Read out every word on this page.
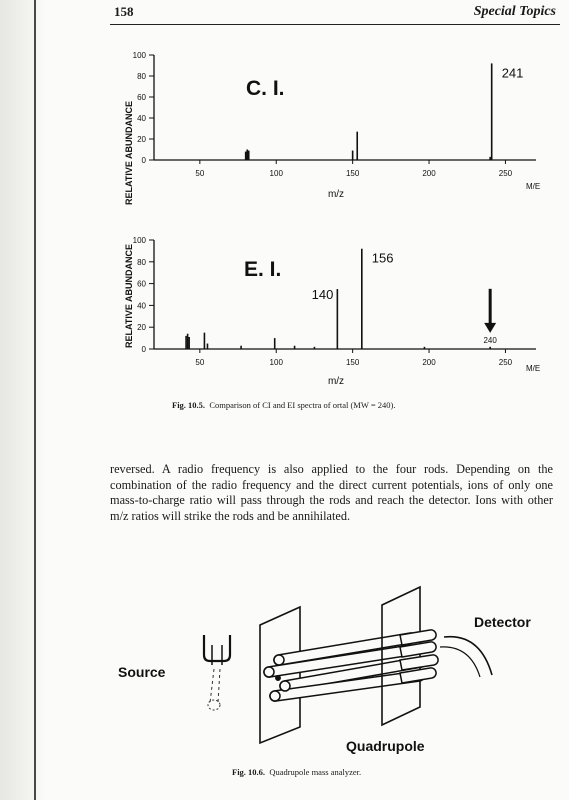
158	Special Topics
0
20
40
60
80
100
50	100	150	200	250
241
RELATIVE ABUNDANCE
C. I.
m/z
M/E
0
20
40
60
80
100
50	100	150	200	250
140
156
240
RELATIVE ABUNDANCE	E. I.
m/z
M/E
Fig. 10.5. Comparison of CI and EI spectra of ortal (MW = 240).

reversed. A radio frequency is also applied to the four rods. Depending on the combination of the radio frequency and the direct current potentials, ions of only one mass-to-charge ratio will pass through the rods and reach the detector. Ions with other m/z ratios will strike the rods and be annihilated.

Source
Detector
Quadrupole
Fig. 10.6. Quadrupole mass analyzer.
